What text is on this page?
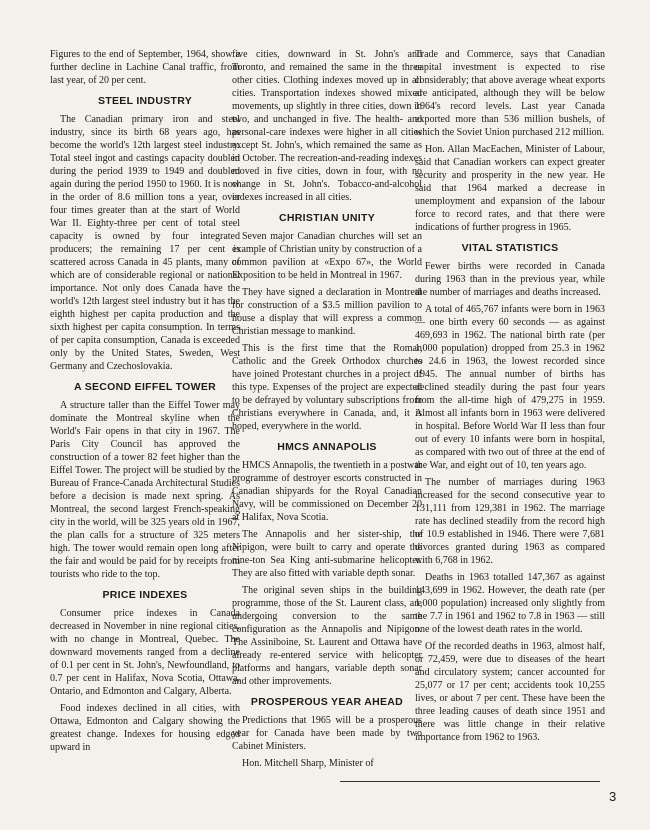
Figures to the end of September, 1964, show a further decline in Lachine Canal traffic, from last year, of 20 per cent.

STEEL INDUSTRY

The Canadian primary iron and steel industry, since its birth 68 years ago, has become the world's 12th largest steel industry. Total steel ingot and castings capacity doubled during the period 1939 to 1949 and doubled again during the period 1950 to 1960. It is now in the order of 8.6 million tons a year, over four times greater than at the start of World War II. Eighty-three per cent of total steel capacity is owned by four integrated producers; the remaining 17 per cent is scattered across Canada in 45 plants, many of which are of considerable regional or national importance. Not only does Canada have the world's 12th largest steel industry but it has the eighth highest per capita production and the sixth highest per capita consumption. In terms of per capita consumption, Canada is exceeded only by the United States, Sweden, West Germany and Czechoslovakia.

A SECOND EIFFEL TOWER

A structure taller than the Eiffel Tower may dominate the Montreal skyline when the World's Fair opens in that city in 1967. The Paris City Council has approved the construction of a tower 82 feet higher than the Eiffel Tower. The project will be studied by the Bureau of France-Canada Architectural Studies before a decision is made next spring. As Montreal, the second largest French-speaking city in the world, will be 325 years old in 1967, the plan calls for a structure of 325 meters high. The tower would remain open long after the fair and would be paid for by receipts from tourists who ride to the top.

PRICE INDEXES

Consumer price indexes in Canada decreased in November in nine regional cities, with no change in Montreal, Quebec. The downward movements ranged from a decline of 0.1 per cent in St. John's, Newfoundland, to 0.7 per cent in Halifax, Nova Scotia, Ottawa, Ontario, and Edmonton and Calgary, Alberta.

Food indexes declined in all cities, with Ottawa, Edmonton and Calgary showing the greatest change. Indexes for housing edged upward in

five cities, downward in St. John's and Toronto, and remained the same in the three other cities. Clothing indexes moved up in all cities. Transportation indexes showed mixed movements, up slightly in three cities, down in two, and unchanged in five. The health- and personal-care indexes were higher in all cities except St. John's, which remained the same as in October. The recreation-and-reading indexes moved in five cities, down in four, with no change in St. John's. Tobacco-and-alcohol indexes increased in all cities.

CHRISTIAN UNITY

Seven major Canadian churches will set an example of Christian unity by construction of a common pavilion at «Expo 67», the World Exposition to be held in Montreal in 1967.

They have signed a declaration in Montreal for construction of a $3.5 million pavilion to house a display that will express a common Christian message to mankind.

This is the first time that the Roman Catholic and the Greek Orthodox churches have joined Protestant churches in a project of this type. Expenses of the project are expected to be defrayed by voluntary subscriptions from Christians everywhere in Canada, and, it is hoped, everywhere in the world.

HMCS ANNAPOLIS

HMCS Annapolis, the twentieth in a postwar programme of destroyer escorts constructed in Canadian shipyards for the Royal Canadian Navy, will be commissioned on December 20 at Halifax, Nova Scotia.

The Annapolis and her sister-ship, the Nipigon, were built to carry and operate the nine-ton Sea King anti-submarine helicopter. They are also fitted with variable depth sonar.

The original seven ships in the building programme, those of the St. Laurent class, are undergoing conversion to the same configuration as the Annapolis and Nipigon. The Assiniboine, St. Laurent and Ottawa have already re-entered service with helicopter platforms and hangars, variable depth sonar and other improvements.

PROSPEROUS YEAR AHEAD

Predictions that 1965 will be a prosperous year for Canada have been made by two Cabinet Ministers.

Hon. Mitchell Sharp, Minister of

Trade and Commerce, says that Canadian capital investment is expected to rise considerably; that above average wheat exports are anticipated, although they will be below 1964's record levels. Last year Canada exported more than 536 million bushels, of which the Soviet Union purchased 212 million.

Hon. Allan MacEachen, Minister of Labour, said that Canadian workers can expect greater security and prosperity in the new year. He said that 1964 marked a decrease in unemployment and expansion of the labour force to record rates, and that there were indications of further progress in 1965.

VITAL STATISTICS

Fewer births were recorded in Canada during 1963 than in the previous year, while the number of marriages and deaths increased.

A total of 465,767 infants were born in 1963 — one birth every 60 seconds — as against 469,693 in 1962. The national birth rate (per 1,000 population) dropped from 25.3 in 1962 to 24.6 in 1963, the lowest recorded since 1945. The annual number of births has declined steadily during the past four years from the all-time high of 479,275 in 1959. Almost all infants born in 1963 were delivered in hospital. Before World War II less than four out of every 10 infants were born in hospital, as compared with two out of three at the end of the War, and eight out of 10, ten years ago.

The number of marriages during 1963 increased for the second consecutive year to 131,111 from 129,381 in 1962. The marriage rate has declined steadily from the record high of 10.9 established in 1946. There were 7,681 divorces granted during 1963 as compared with 6,768 in 1962.

Deaths in 1963 totalled 147,367 as against 143,699 in 1962. However, the death rate (per 1,000 population) increased only slightly from the 7.7 in 1961 and 1962 to 7.8 in 1963 — still one of the lowest death rates in the world.

Of the recorded deaths in 1963, almost half, or 72,459, were due to diseases of the heart and circulatory system; cancer accounted for 25,077 or 17 per cent; accidents took 10,255 lives, or about 7 per cent. These have been the three leading causes of death since 1951 and there was little change in their relative importance from 1962 to 1963.

3
